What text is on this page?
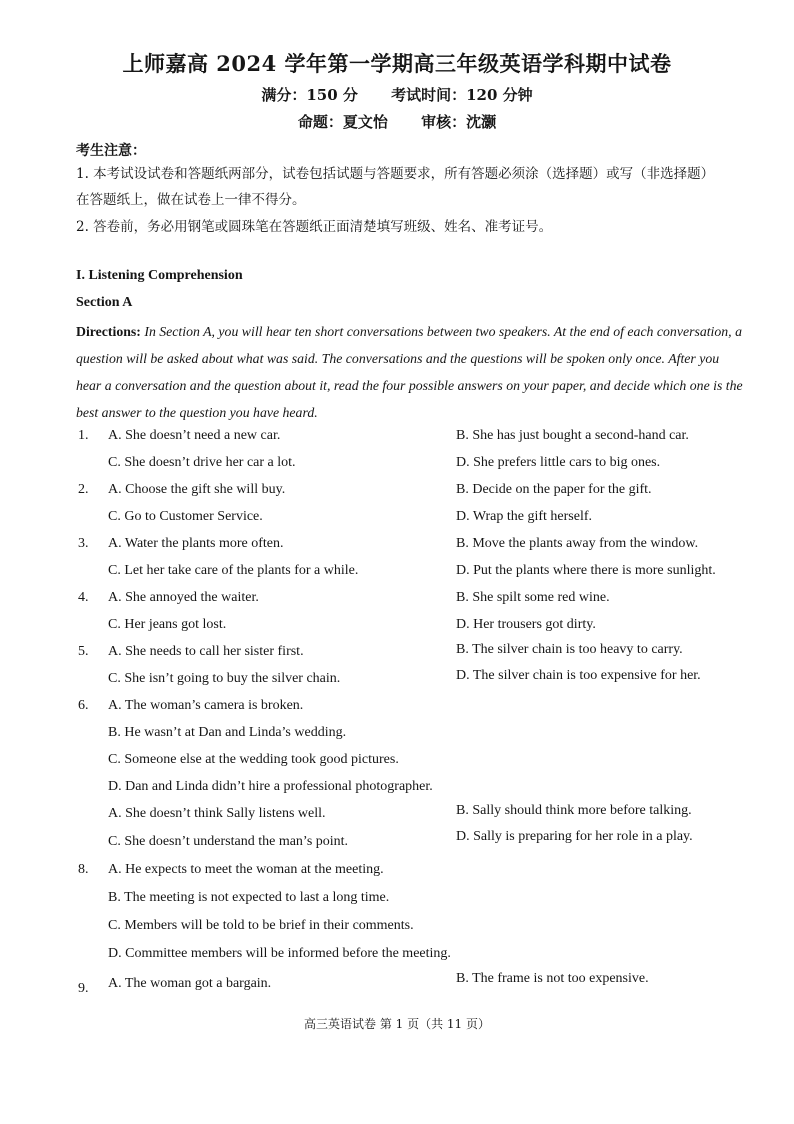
上师嘉高 2024 学年第一学期高三年级英语学科期中试卷
满分：150 分 考试时间：120 分钟
命题：夏文怡 审核：沈灏
考生注意：
1. 本考试设试卷和答题纸两部分，试卷包括试题与答题要求，所有答题必须涂（选择题）或写（非选择题）
在答题纸上，做在试卷上一律不得分。
2. 答卷前，务必用钢笔或圆珠笔在答题纸正面清楚填写班级、姓名、准考证号。
I. Listening Comprehension
Section A
Directions: In Section A, you will hear ten short conversations between two speakers. At the end of each conversation, a question will be asked about what was said. The conversations and the questions will be spoken only once. After you hear a conversation and the question about it, read the four possible answers on your paper, and decide which one is the best answer to the question you have heard.
1. A. She doesn’t need a new car.	B. She has just bought a second-hand car.
C. She doesn’t drive her car a lot.	D. She prefers little cars to big ones.
2. A. Choose the gift she will buy.	B. Decide on the paper for the gift.
C. Go to Customer Service.	D. Wrap the gift herself.
3. A. Water the plants more often.	B. Move the plants away from the window.
C. Let her take care of the plants for a while.	D. Put the plants where there is more sunlight.
4. A. She annoyed the waiter.	B. She spilt some red wine.
C. Her jeans got lost.	D. Her trousers got dirty.
5. A. She needs to call her sister first.	B. The silver chain is too heavy to carry.
C. She isn’t going to buy the silver chain.	D. The silver chain is too expensive for her.
6. A. The woman’s camera is broken.
B. He wasn’t at Dan and Linda’s wedding.
C. Someone else at the wedding took good pictures.
D. Dan and Linda didn’t hire a professional photographer.
A. She doesn’t think Sally listens well.	B. Sally should think more before talking.
C. She doesn’t understand the man’s point.	D. Sally is preparing for her role in a play.
8. A. He expects to meet the woman at the meeting.
B. The meeting is not expected to last a long time.
C. Members will be told to be brief in their comments.
D. Committee members will be informed before the meeting.
9. A. The woman got a bargain.	B. The frame is not too expensive.
高三英语试卷 第 1 页（共 11 页）
